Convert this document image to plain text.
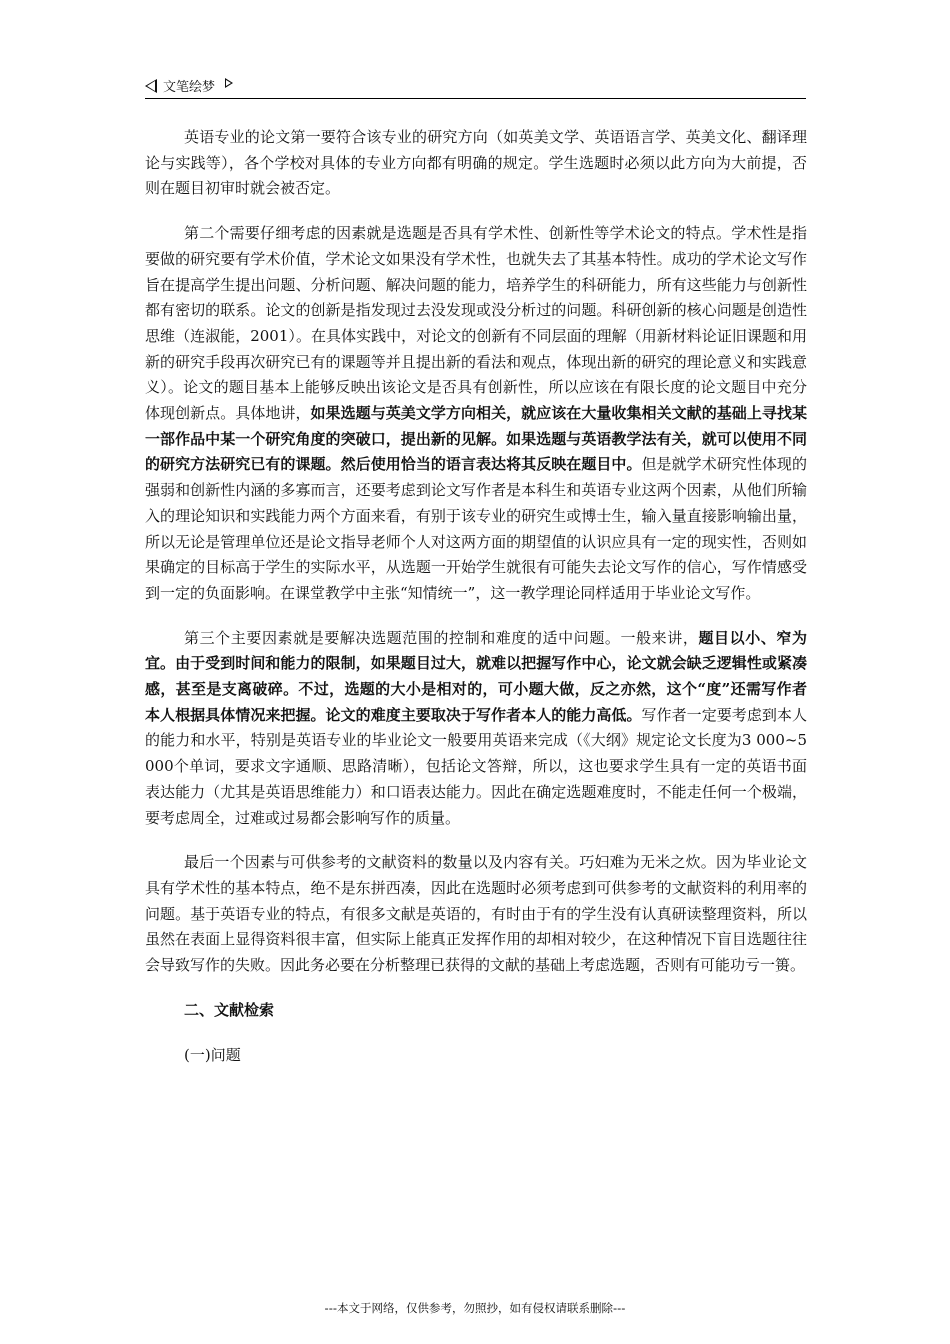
文笔绘梦

英语专业的论文第一要符合该专业的研究方向（如英美文学、英语语言学、英美文化、翻译理论与实践等），各个学校对具体的专业方向都有明确的规定。学生选题时必须以此方向为大前提，否则在题目初审时就会被否定。

第二个需要仔细考虑的因素就是选题是否具有学术性、创新性等学术论文的特点。学术性是指要做的研究要有学术价值，学术论文如果没有学术性，也就失去了其基本特性。成功的学术论文写作旨在提高学生提出问题、分析问题、解决问题的能力，培养学生的科研能力，所有这些能力与创新性都有密切的联系。论文的创新是指发现过去没发现或没分析过的问题。科研创新的核心问题是创造性思维（连淑能，2001）。在具体实践中，对论文的创新有不同层面的理解（用新材料论证旧课题和用新的研究手段再次研究已有的课题等并且提出新的看法和观点，体现出新的研究的理论意义和实践意义）。论文的题目基本上能够反映出该论文是否具有创新性，所以应该在有限长度的论文题目中充分体现创新点。具体地讲，如果选题与英美文学方向相关，就应该在大量收集相关文献的基础上寻找某一部作品中某一个研究角度的突破口，提出新的见解。如果选题与英语教学法有关，就可以使用不同的研究方法研究已有的课题。然后使用恰当的语言表达将其反映在题目中。但是就学术研究性体现的强弱和创新性内涵的多寡而言，还要考虑到论文写作者是本科生和英语专业这两个因素，从他们所输入的理论知识和实践能力两个方面来看，有别于该专业的研究生或博士生，输入量直接影响输出量，所以无论是管理单位还是论文指导老师个人对这两方面的期望值的认识应具有一定的现实性，否则如果确定的目标高于学生的实际水平，从选题一开始学生就很有可能失去论文写作的信心，写作情感受到一定的负面影响。在课堂教学中主张“知情统一”，这一教学理论同样适用于毕业论文写作。

第三个主要因素就是要解决选题范围的控制和难度的适中问题。一般来讲，题目以小、窄为宜。由于受到时间和能力的限制，如果题目过大，就难以把握写作中心，论文就会缺乏逻辑性或紧凑感，甚至是支离破碎。不过，选题的大小是相对的，可小题大做，反之亦然，这个“度”还需写作者本人根据具体情况来把握。论文的难度主要取决于写作者本人的能力高低。写作者一定要考虑到本人的能力和水平，特别是英语专业的毕业论文一般要用英语来完成（《大纲》规定论文长度为3 000~5 000个单词，要求文字通顺、思路清晰），包括论文答辩，所以，这也要求学生具有一定的英语书面表达能力（尤其是英语思维能力）和口语表达能力。因此在确定选题难度时，不能走任何一个极端，要考虑周全，过难或过易都会影响写作的质量。

最后一个因素与可供参考的文献资料的数量以及内容有关。巧妇难为无米之炊。因为毕业论文具有学术性的基本特点，绝不是东拼西凑，因此在选题时必须考虑到可供参考的文献资料的利用率的问题。基于英语专业的特点，有很多文献是英语的，有时由于有的学生没有认真研读整理资料，所以虽然在表面上显得资料很丰富，但实际上能真正发挥作用的却相对较少，在这种情况下盲目选题往往会导致写作的失败。因此务必要在分析整理已获得的文献的基础上考虑选题，否则有可能功亏一篑。

二、文献检索
(一)问题
---本文于网络，仅供参考，勿照抄，如有侵权请联系删除---
